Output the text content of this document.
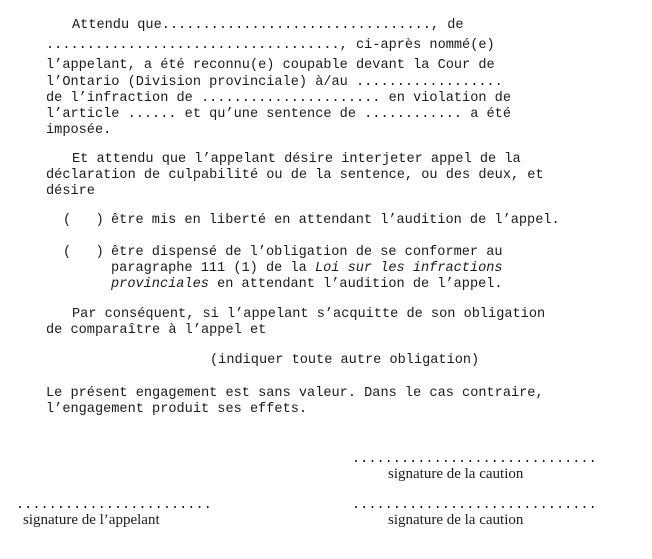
Attendu que................................., de
...................................., ci-après nommé(e)
l’appelant, a été reconnu(e) coupable devant la Cour de
l’Ontario (Division provinciale) à/au ..................
de l’infraction de ...................... en violation de
l’article ...... et qu’une sentence de ............ a été
imposée.
Et attendu que l’appelant désire interjeter appel de la
déclaration de culpabilité ou de la sentence, ou des deux, et
désire
(   ) être mis en liberté en attendant l’audition de l’appel.
(   ) être dispensé de l’obligation de se conformer au
paragraphe 111 (1) de la Loi sur les infractions
provinciales en attendant l’audition de l’appel.
Par conséquent, si l’appelant s’acquitte de son obligation
de comparaître à l’appel et
(indiquer toute autre obligation)
Le présent engagement est sans valeur. Dans le cas contraire,
l’engagement produit ses effets.
..............................
signature de la caution
........................
signature de l’appelant
..............................
signature de la caution
